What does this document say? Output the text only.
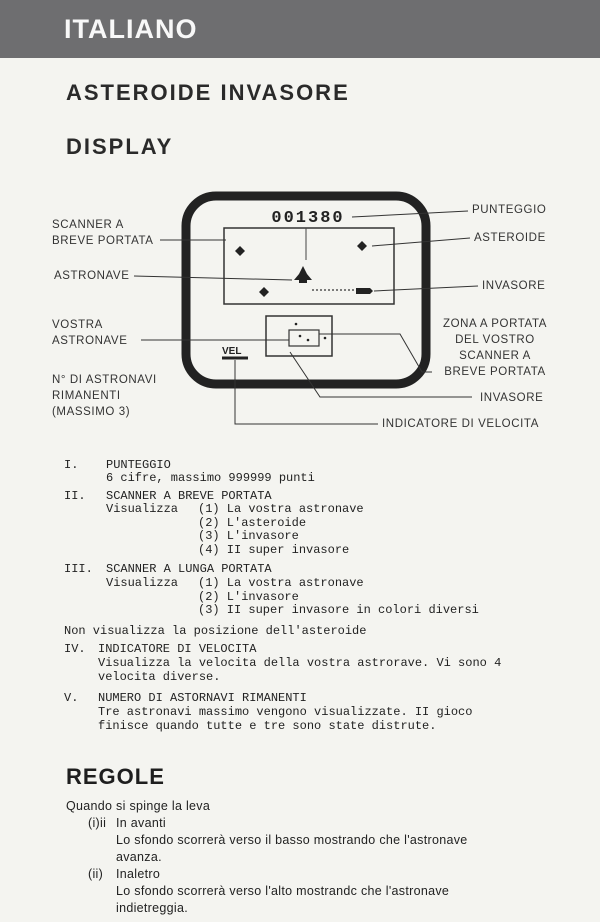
ITALIANO
ASTEROIDE INVASORE
DISPLAY
001380
VEL
SCANNER A
BREVE PORTATA
ASTRONAVE
VOSTRA
ASTRONAVE
N° DI ASTRONAVI
RIMANENTI
(MASSIMO 3)
PUNTEGGIO
ASTEROIDE
INVASORE
ZONA A PORTATA
DEL VOSTRO
SCANNER A
BREVE PORTATA
INVASORE
INDICATORE DI VELOCITA
I. PUNTEGGIO
6 cifre, massimo 999999 punti
II. SCANNER A BREVE PORTATA
Visualizza (1) La vostra astronave
(2) L'asteroide
(3) L'invasore
(4) II super invasore
III. SCANNER A LUNGA PORTATA
Visualizza (1) La vostra astronave
(2) L'invasore
(3) II super invasore in colori diversi
Non visualizza la posizione dell'asteroide
IV. INDICATORE DI VELOCITA
Visualizza la velocita della vostra astrorave. Vi sono 4
velocita diverse.
V. NUMERO DI ASTORNAVI RIMANENTI
Tre astronavi massimo vengono visualizzate. II gioco
finisce quando tutte e tre sono state distrute.
REGOLE
Quando si spinge la leva
(i)ii In avanti
Lo sfondo scorrerà verso il basso mostrando che l'astronave
avanza.
(ii) Inaletro
Lo sfondo scorrerà verso l'alto mostrandc che l'astronave
indietreggia.
